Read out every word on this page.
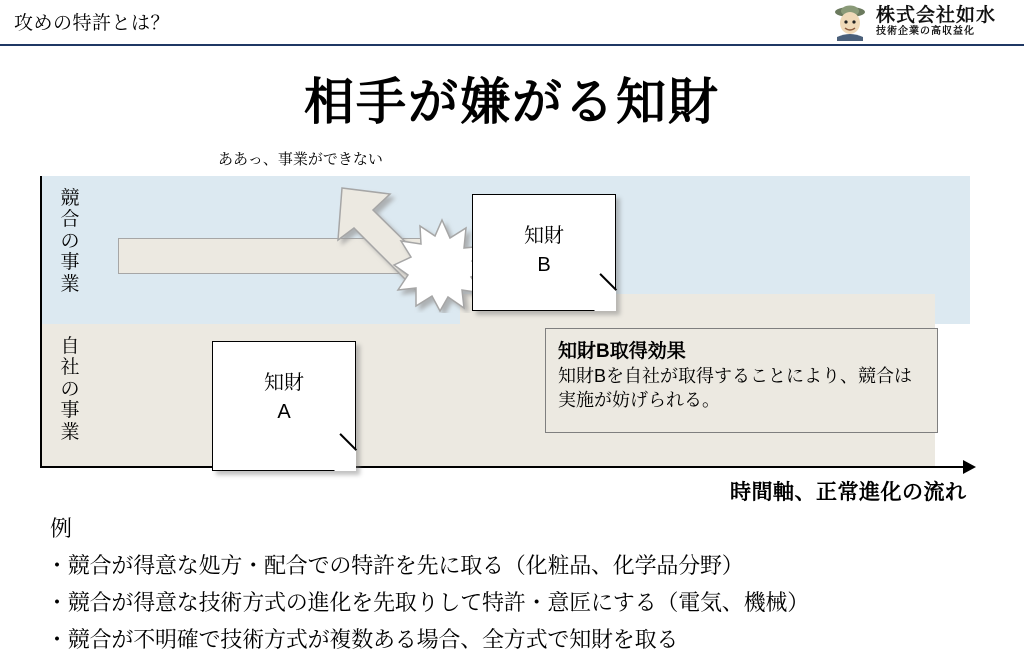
攻めの特許とは？	株式会社如水
技術企業の高収益化
相手が嫌がる知財
競合の事業
自社の事業
ああっ、事業ができない
知財
B
知財
A
知財B取得効果
知財Bを自社が取得することにより、競合は実施が妨げられる。
時間軸、正常進化の流れ
例
・競合が得意な処方・配合での特許を先に取る（化粧品、化学品分野）
・競合が得意な技術方式の進化を先取りして特許・意匠にする（電気、機械）
・競合が不明確で技術方式が複数ある場合、全方式で知財を取る
